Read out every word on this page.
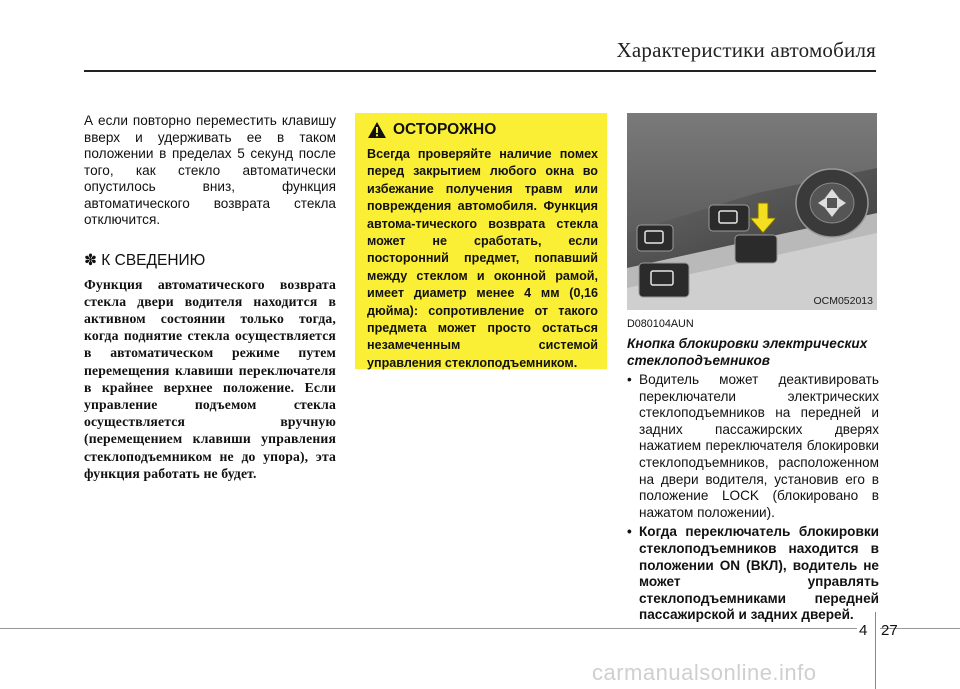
Характеристики автомобиля

А если повторно переместить клавишу вверх и удерживать ее в таком положении в пределах 5 секунд после того, как стекло автоматически опустилось вниз, функция автоматического возврата стекла отключится.

✽ К СВЕДЕНИЮ

Функция автоматического возврата стекла двери водителя находится в активном состоянии только тогда, когда поднятие стекла осуществляется в автоматическом режиме путем перемещения клавиши переключателя в крайнее верхнее положение. Если управление подъемом стекла осуществляется вручную (перемещением клавиши управления стеклоподъемником не до упора), эта функция работать не будет.

ОСТОРОЖНО

Всегда проверяйте наличие помех перед закрытием любого окна во избежание получения травм или повреждения автомобиля. Функция автома-тического возврата стекла может не сработать, если посторонний предмет, попавший между стеклом и оконной рамой, имеет диаметр менее 4 мм (0,16 дюйма): сопротивление от такого предмета может просто остаться незамеченным системой управления стеклоподъемником.

OCM052013

D080104AUN

Кнопка блокировки электрических стеклоподъемников

• Водитель может деактивировать переключатели электрических стеклоподъемников на передней и задних пассажирских дверях нажатием переключателя блокировки стеклоподъемников, расположенном на двери водителя, установив его в положение LOCK (блокировано в нажатом положении).
• Когда переключатель блокировки стеклоподъемников находится в положении ON (ВКЛ), водитель не может управлять стеклоподъемниками передней пассажирской и задних дверей.
4 27
carmanualsonline.info
